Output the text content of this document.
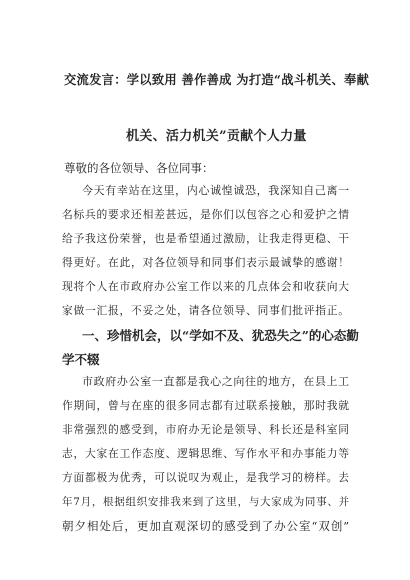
交流发言：学以致用 善作善成 为打造“战斗机关、奉献
机关、活力机关”贡献个人力量
尊敬的各位领导、各位同事：
今天有幸站在这里，内心诚惶诚恐，我深知自己离一
名标兵的要求还相差甚远，是你们以包容之心和爱护之情
给予我这份荣誉，也是希望通过激励，让我走得更稳、干
得更好。在此，对各位领导和同事们表示最诚挚的感谢！
现将个人在市政府办公室工作以来的几点体会和收获向大
家做一汇报，不妥之处，请各位领导、同事们批评指正。
一、珍惜机会，以“学如不及、犹恐失之”的心态勤
学不辍
市政府办公室一直都是我心之向往的地方，在县上工
作期间，曾与在座的很多同志都有过联系接触，那时我就
非常强烈的感受到，市府办无论是领导、科长还是科室同
志，大家在工作态度、逻辑思维、写作水平和办事能力等
方面都极为优秀，可以说叹为观止，是我学习的榜样。去
年7月，根据组织安排我来到了这里，与大家成为同事、并
朝夕相处后，更加直观深切的感受到了办公室“双创”
